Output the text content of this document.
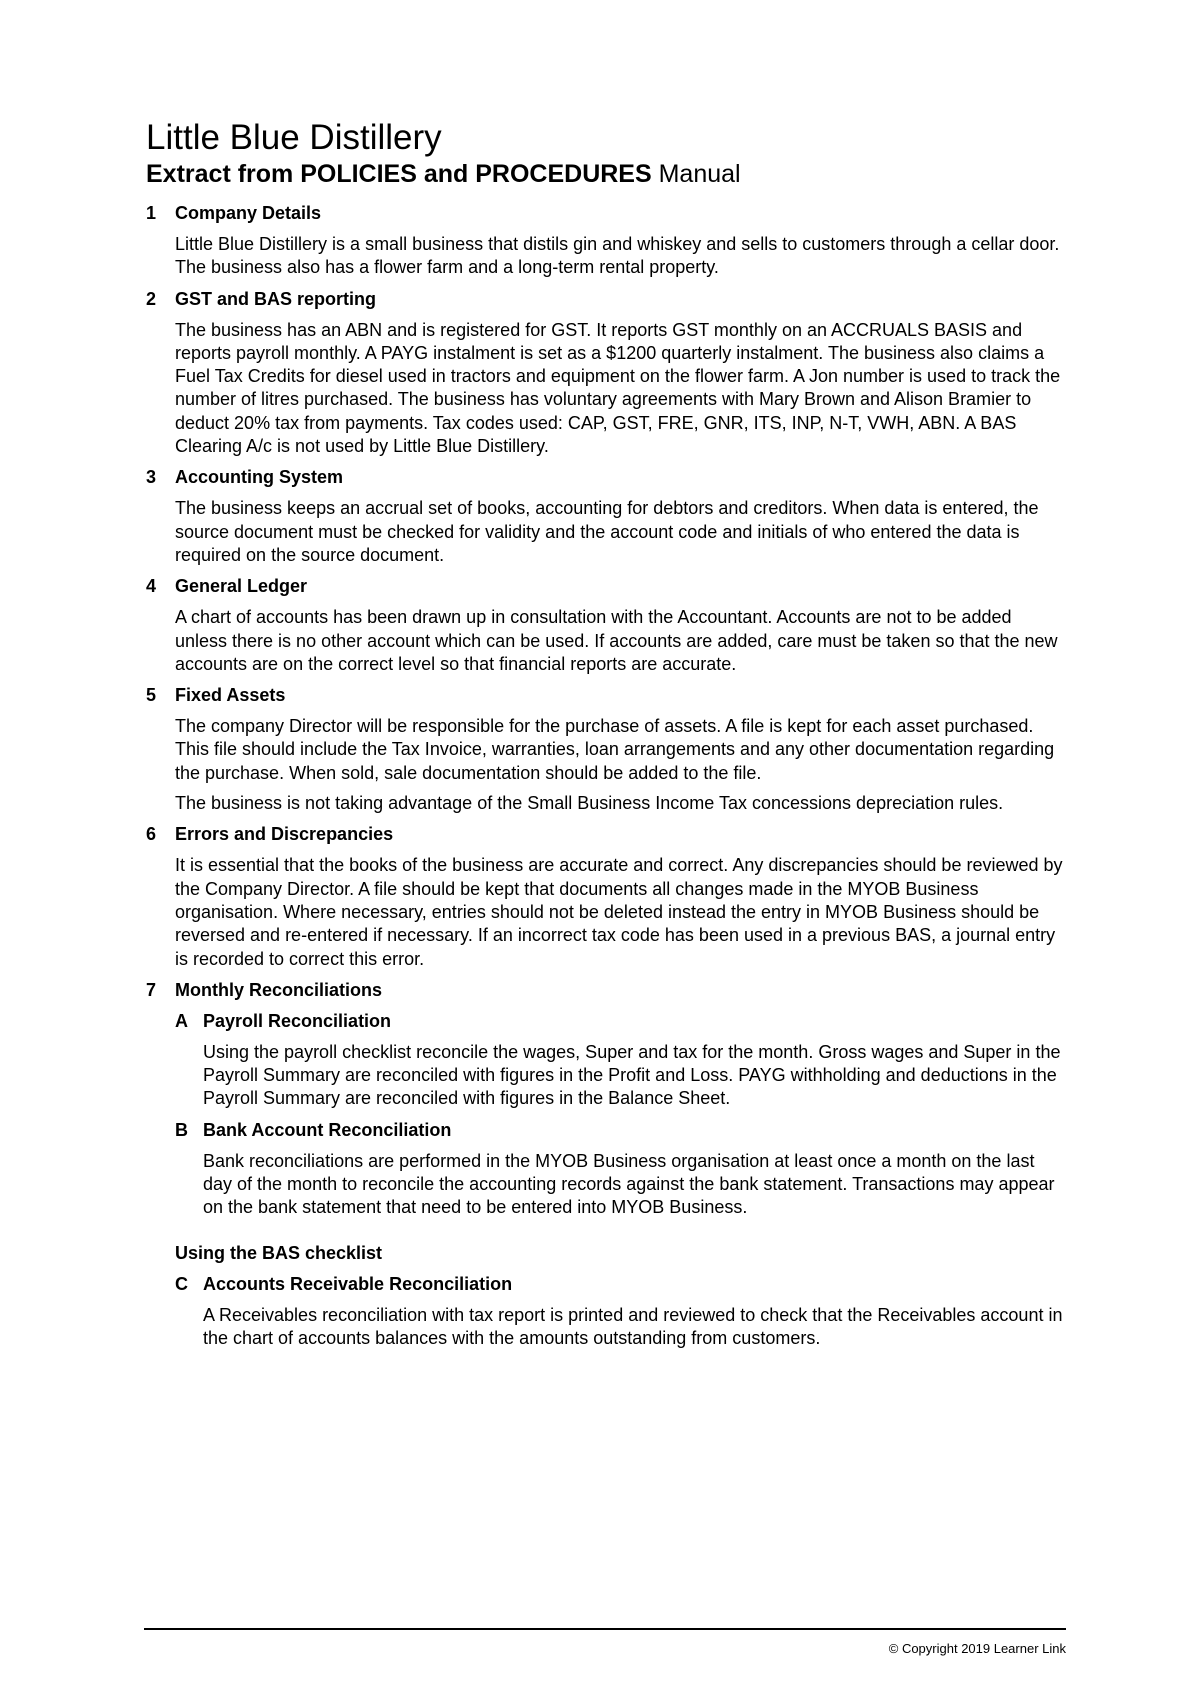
Little Blue Distillery
Extract from POLICIES and PROCEDURES Manual
1	Company Details

Little Blue Distillery is a small business that distils gin and whiskey and sells to customers through a cellar door. The business also has a flower farm and a long-term rental property.

2	GST and BAS reporting

The business has an ABN and is registered for GST. It reports GST monthly on an ACCRUALS BASIS and reports payroll monthly. A PAYG instalment is set as a $1200 quarterly instalment. The business also claims a Fuel Tax Credits for diesel used in tractors and equipment on the flower farm. A Jon number is used to track the number of litres purchased. The business has voluntary agreements with Mary Brown and Alison Bramier to deduct 20% tax from payments. Tax codes used: CAP, GST, FRE, GNR, ITS, INP, N-T, VWH, ABN. A BAS Clearing A/c is not used by Little Blue Distillery.

3	Accounting System

The business keeps an accrual set of books, accounting for debtors and creditors. When data is entered, the source document must be checked for validity and the account code and initials of who entered the data is required on the source document.

4	General Ledger

A chart of accounts has been drawn up in consultation with the Accountant. Accounts are not to be added unless there is no other account which can be used. If accounts are added, care must be taken so that the new accounts are on the correct level so that financial reports are accurate.

5	Fixed Assets

The company Director will be responsible for the purchase of assets. A file is kept for each asset purchased. This file should include the Tax Invoice, warranties, loan arrangements and any other documentation regarding the purchase. When sold, sale documentation should be added to the file.

The business is not taking advantage of the Small Business Income Tax concessions depreciation rules.

6	Errors and Discrepancies

It is essential that the books of the business are accurate and correct. Any discrepancies should be reviewed by the Company Director. A file should be kept that documents all changes made in the MYOB Business organisation. Where necessary, entries should not be deleted instead the entry in MYOB Business should be reversed and re-entered if necessary. If an incorrect tax code has been used in a previous BAS, a journal entry is recorded to correct this error.

7	Monthly Reconciliations
A Payroll Reconciliation

Using the payroll checklist reconcile the wages, Super and tax for the month. Gross wages and Super in the Payroll Summary are reconciled with figures in the Profit and Loss. PAYG withholding and deductions in the Payroll Summary are reconciled with figures in the Balance Sheet.

B Bank Account Reconciliation

Bank reconciliations are performed in the MYOB Business organisation at least once a month on the last day of the month to reconcile the accounting records against the bank statement. Transactions may appear on the bank statement that need to be entered into MYOB Business.

Using the BAS checklist
C Accounts Receivable Reconciliation

A Receivables reconciliation with tax report is printed and reviewed to check that the Receivables account in the chart of accounts balances with the amounts outstanding from customers.

© Copyright 2019 Learner Link
